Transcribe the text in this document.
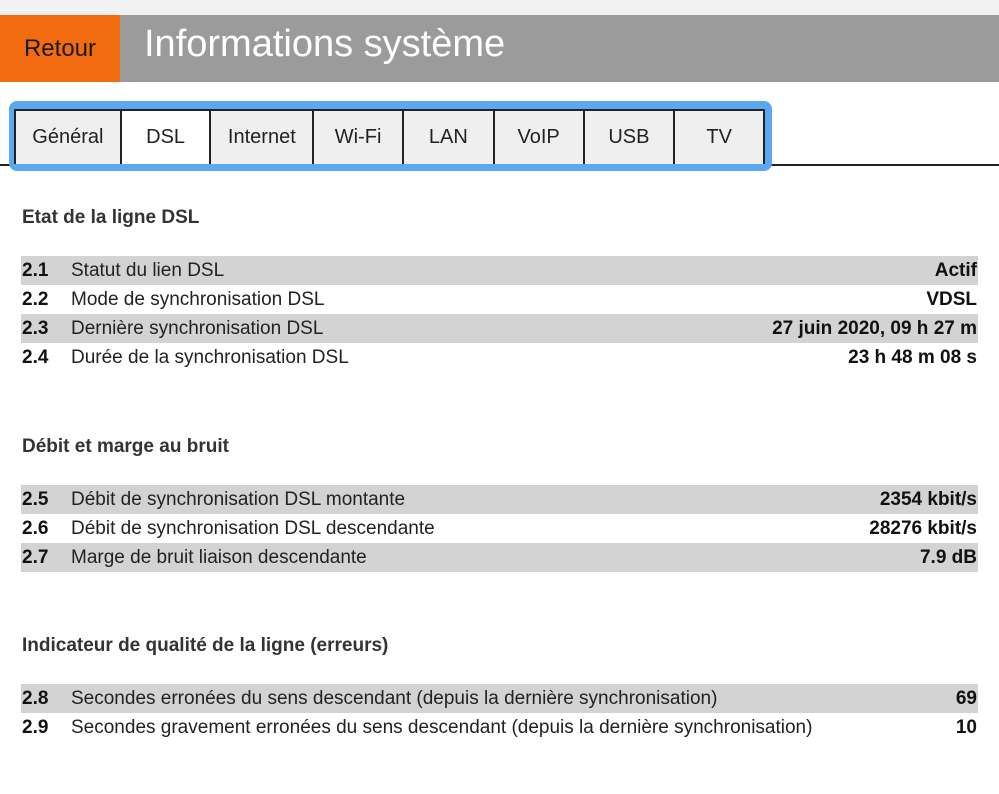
Retour	Informations système
Général	DSL	Internet	Wi-Fi	LAN	VoIP	USB	TV
Etat de la ligne DSL
2.1	Statut du lien DSL	Actif
2.2	Mode de synchronisation DSL	VDSL
2.3	Dernière synchronisation DSL	27 juin 2020, 09 h 27 m
2.4	Durée de la synchronisation DSL	23 h 48 m 08 s
Débit et marge au bruit
2.5	Débit de synchronisation DSL montante	2354 kbit/s
2.6	Débit de synchronisation DSL descendante	28276 kbit/s
2.7	Marge de bruit liaison descendante	7.9 dB
Indicateur de qualité de la ligne (erreurs)
2.8	Secondes erronées du sens descendant (depuis la dernière synchronisation)	69
2.9	Secondes gravement erronées du sens descendant (depuis la dernière synchronisation)	10
